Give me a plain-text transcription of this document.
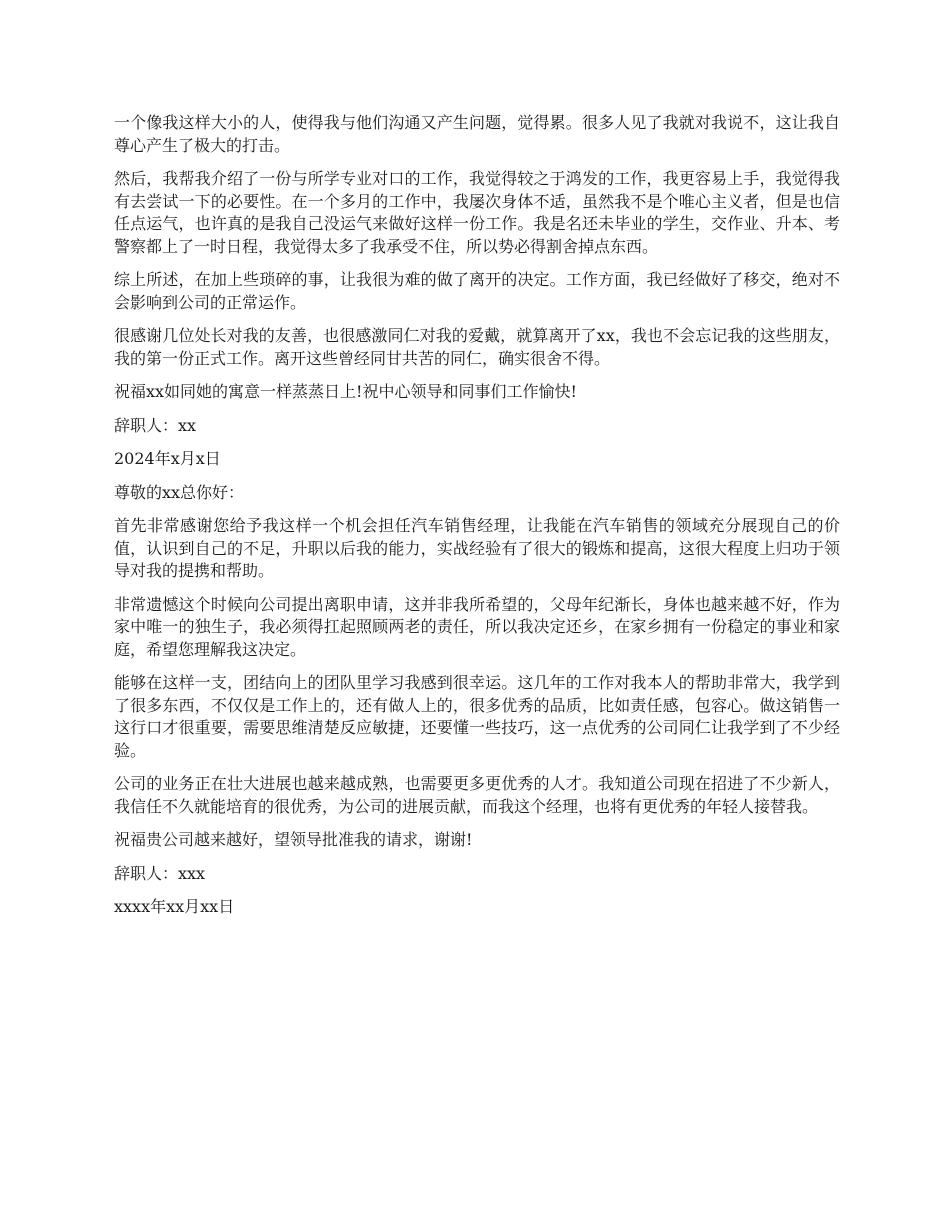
一个像我这样大小的人，使得我与他们沟通又产生问题，觉得累。很多人见了我就对我说不，这让我自尊心产生了极大的打击。

然后，我帮我介绍了一份与所学专业对口的工作，我觉得较之于鸿发的工作，我更容易上手，我觉得我有去尝试一下的必要性。在一个多月的工作中，我屡次身体不适，虽然我不是个唯心主义者，但是也信任点运气，也许真的是我自己没运气来做好这样一份工作。我是名还未毕业的学生，交作业、升本、考警察都上了一时日程，我觉得太多了我承受不住，所以势必得割舍掉点东西。

综上所述，在加上些琐碎的事，让我很为难的做了离开的决定。工作方面，我已经做好了移交，绝对不会影响到公司的正常运作。

很感谢几位处长对我的友善，也很感激同仁对我的爱戴，就算离开了xx，我也不会忘记我的这些朋友，我的第一份正式工作。离开这些曾经同甘共苦的同仁，确实很舍不得。

祝福xx如同她的寓意一样蒸蒸日上!祝中心领导和同事们工作愉快!

辞职人：xx

2024年x月x日

尊敬的xx总你好：

首先非常感谢您给予我这样一个机会担任汽车销售经理，让我能在汽车销售的领域充分展现自己的价值，认识到自己的不足，升职以后我的能力，实战经验有了很大的锻炼和提高，这很大程度上归功于领导对我的提携和帮助。

非常遗憾这个时候向公司提出离职申请，这并非我所希望的，父母年纪渐长，身体也越来越不好，作为家中唯一的独生子，我必须得扛起照顾两老的责任，所以我决定还乡，在家乡拥有一份稳定的事业和家庭，希望您理解我这决定。

能够在这样一支，团结向上的团队里学习我感到很幸运。这几年的工作对我本人的帮助非常大，我学到了很多东西，不仅仅是工作上的，还有做人上的，很多优秀的品质，比如责任感，包容心。做这销售一这行口才很重要，需要思维清楚反应敏捷，还要懂一些技巧，这一点优秀的公司同仁让我学到了不少经验。

公司的业务正在壮大进展也越来越成熟，也需要更多更优秀的人才。我知道公司现在招进了不少新人，我信任不久就能培育的很优秀，为公司的进展贡献，而我这个经理，也将有更优秀的年轻人接替我。

祝福贵公司越来越好，望领导批准我的请求，谢谢!

辞职人：xxx

xxxx年xx月xx日
